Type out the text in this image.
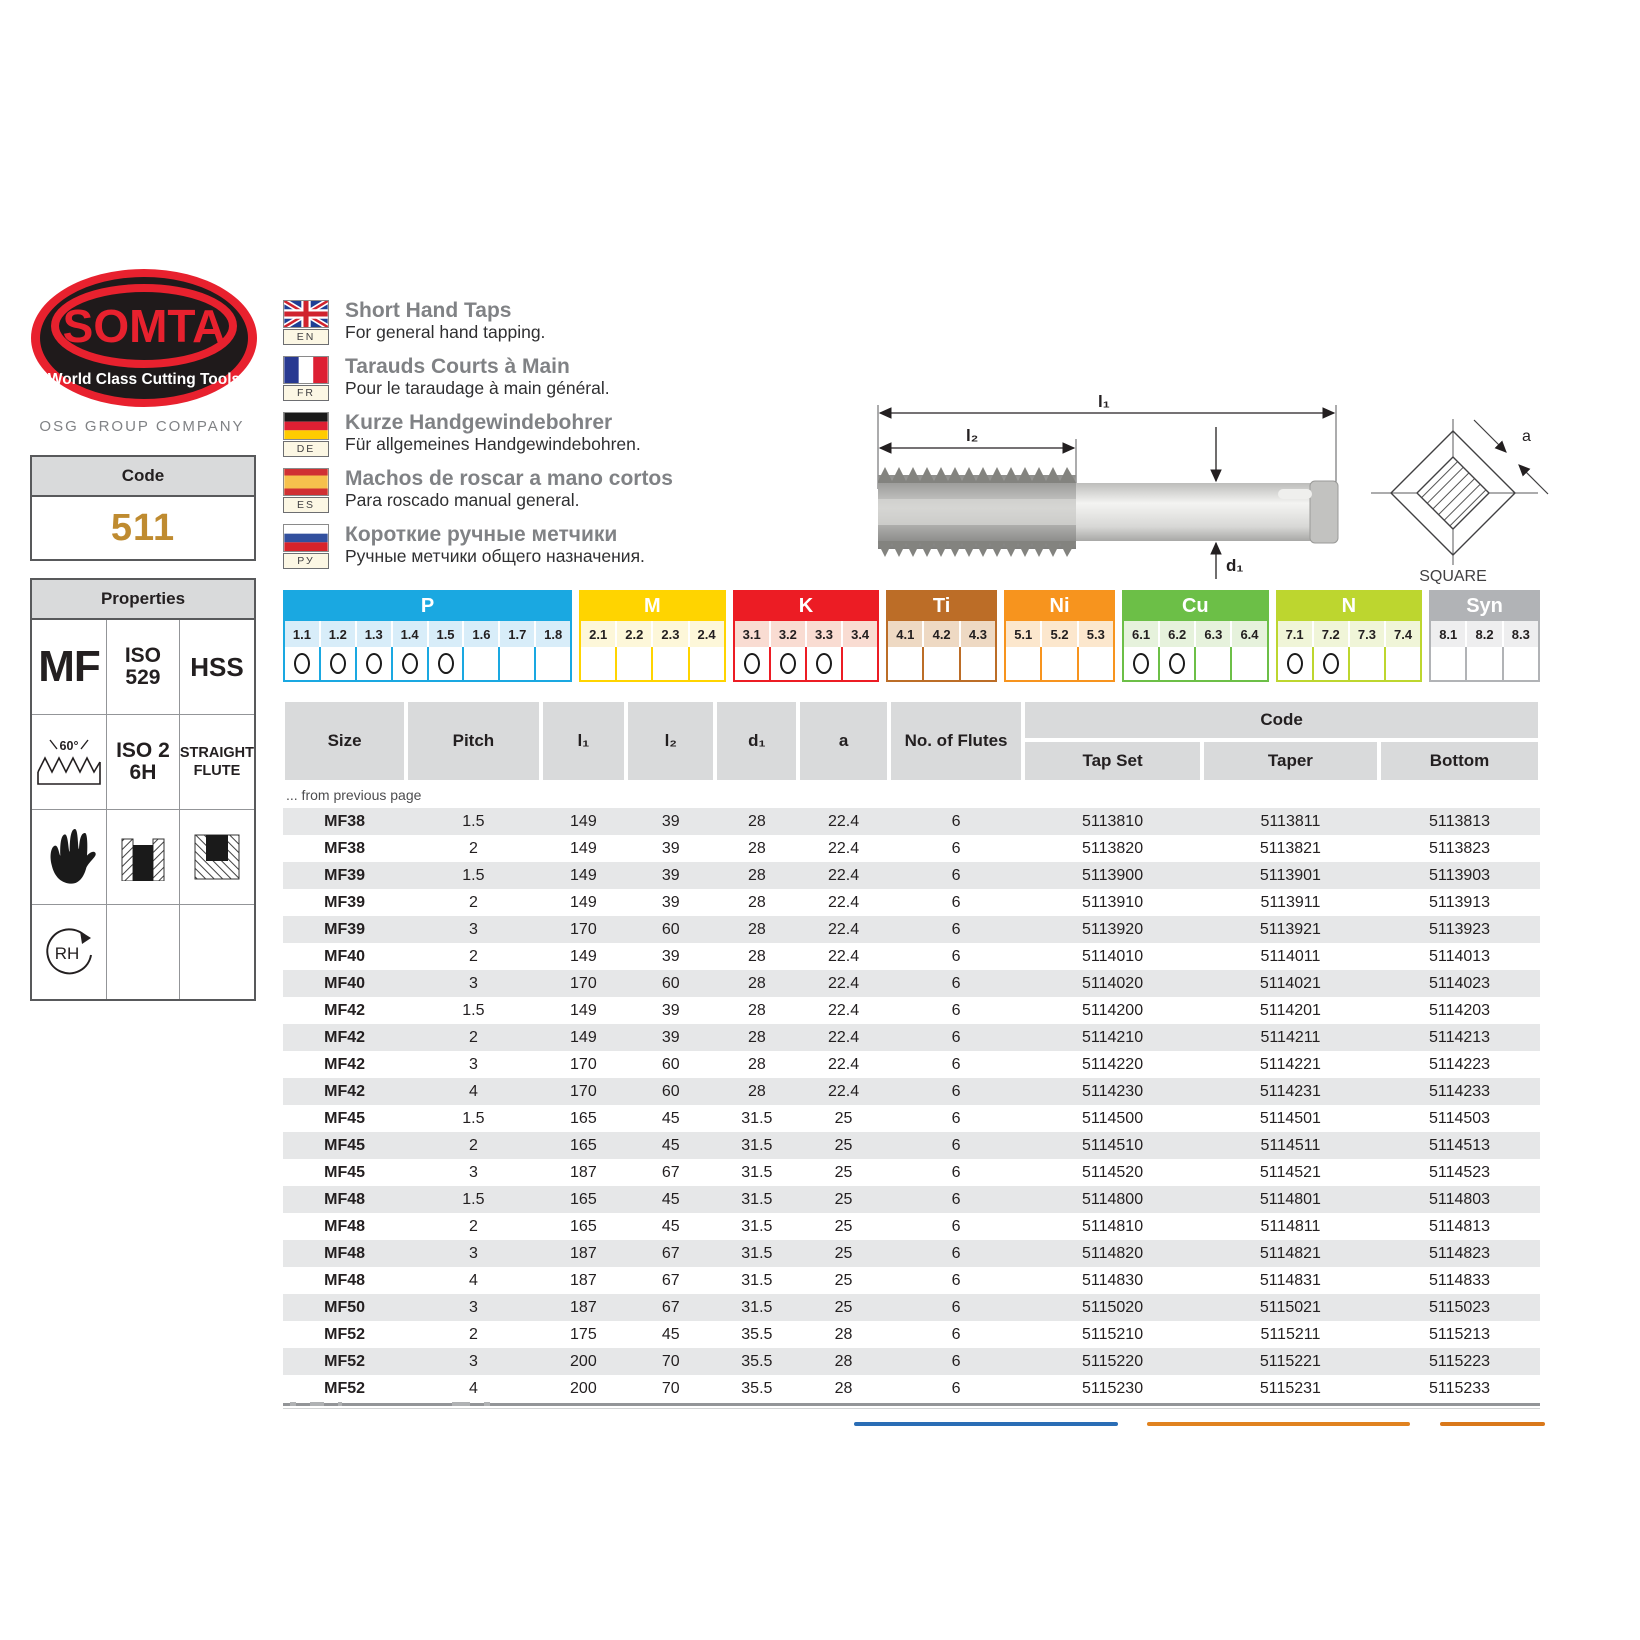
SOMTA
World Class Cutting Tools
OSG GROUP COMPANY
Code
511
Properties
MF ISO
529 HSS
60° ISO 2
6H
STRAIGHT
FLUTE
RH
EN
Short Hand Taps
For general hand tapping.
FR
Tarauds Courts à Main
Pour le taraudage à main général.
DE
Kurze Handgewindebohrer
Für allgemeines Handgewindebohren.
ES
Machos de roscar a mano cortos
Para roscado manual general.
РУ
Короткие ручные метчики
Ручные метчики общего назначения.
l₁
l₂
d₁
a
SQUARE
P
1.1	1.2	1.3	1.4	1.5	1.6	1.7	1.8
M
2.1	2.2	2.3	2.4
K
3.1	3.2	3.3	3.4
Ti
4.1	4.2	4.3
Ni
5.1	5.2	5.3
Cu
6.1	6.2	6.3	6.4
N
7.1	7.2	7.3	7.4
Syn
8.1	8.2	8.3
Size	Pitch	l₁	l₂	d₁	a	No. of Flutes	Code		
							Tap Set	Taper	Bottom
... from previous page									
MF38	1.5	149	39	28	22.4	6	5113810	5113811	5113813
MF38	2	149	39	28	22.4	6	5113820	5113821	5113823
MF39	1.5	149	39	28	22.4	6	5113900	5113901	5113903
MF39	2	149	39	28	22.4	6	5113910	5113911	5113913
MF39	3	170	60	28	22.4	6	5113920	5113921	5113923
MF40	2	149	39	28	22.4	6	5114010	5114011	5114013
MF40	3	170	60	28	22.4	6	5114020	5114021	5114023
MF42	1.5	149	39	28	22.4	6	5114200	5114201	5114203
MF42	2	149	39	28	22.4	6	5114210	5114211	5114213
MF42	3	170	60	28	22.4	6	5114220	5114221	5114223
MF42	4	170	60	28	22.4	6	5114230	5114231	5114233
MF45	1.5	165	45	31.5	25	6	5114500	5114501	5114503
MF45	2	165	45	31.5	25	6	5114510	5114511	5114513
MF45	3	187	67	31.5	25	6	5114520	5114521	5114523
MF48	1.5	165	45	31.5	25	6	5114800	5114801	5114803
MF48	2	165	45	31.5	25	6	5114810	5114811	5114813
MF48	3	187	67	31.5	25	6	5114820	5114821	5114823
MF48	4	187	67	31.5	25	6	5114830	5114831	5114833
MF50	3	187	67	31.5	25	6	5115020	5115021	5115023
MF52	2	175	45	35.5	28	6	5115210	5115211	5115213
MF52	3	200	70	35.5	28	6	5115220	5115221	5115223
MF52	4	200	70	35.5	28	6	5115230	5115231	5115233
